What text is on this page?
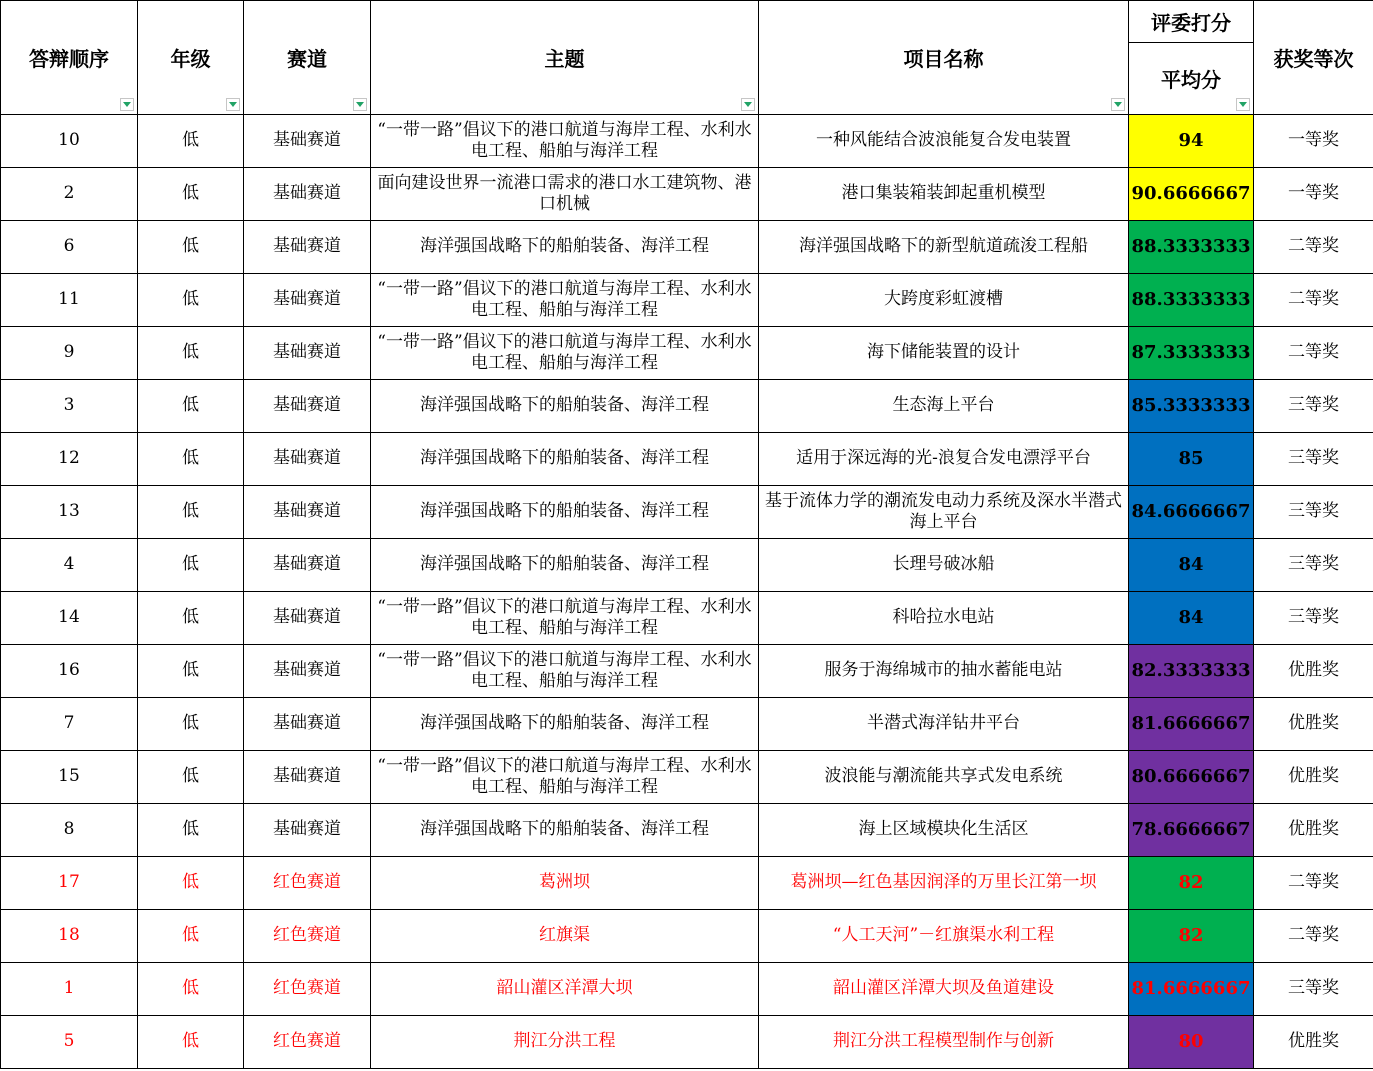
答辩顺序	年级	赛道	主题	项目名称	评委打分	获奖等次
					平均分	

10	低	基础赛道	“一带一路”倡议下的港口航道与海岸工程、水利水电工程、船舶与海洋工程	一种风能结合波浪能复合发电装置	94	一等奖
2	低	基础赛道	面向建设世界一流港口需求的港口水工建筑物、港口机械	港口集装箱装卸起重机模型	90.6666667	一等奖
6	低	基础赛道	海洋强国战略下的船舶装备、海洋工程	海洋强国战略下的新型航道疏浚工程船	88.3333333	二等奖
11	低	基础赛道	“一带一路”倡议下的港口航道与海岸工程、水利水电工程、船舶与海洋工程	大跨度彩虹渡槽	88.3333333	二等奖
9	低	基础赛道	“一带一路”倡议下的港口航道与海岸工程、水利水电工程、船舶与海洋工程	海下储能装置的设计	87.3333333	二等奖
3	低	基础赛道	海洋强国战略下的船舶装备、海洋工程	生态海上平台	85.3333333	三等奖
12	低	基础赛道	海洋强国战略下的船舶装备、海洋工程	适用于深远海的光-浪复合发电漂浮平台	85	三等奖
13	低	基础赛道	海洋强国战略下的船舶装备、海洋工程	基于流体力学的潮流发电动力系统及深水半潜式海上平台	84.6666667	三等奖
4	低	基础赛道	海洋强国战略下的船舶装备、海洋工程	长理号破冰船	84	三等奖
14	低	基础赛道	“一带一路”倡议下的港口航道与海岸工程、水利水电工程、船舶与海洋工程	科哈拉水电站	84	三等奖
16	低	基础赛道	“一带一路”倡议下的港口航道与海岸工程、水利水电工程、船舶与海洋工程	服务于海绵城市的抽水蓄能电站	82.3333333	优胜奖
7	低	基础赛道	海洋强国战略下的船舶装备、海洋工程	半潜式海洋钻井平台	81.6666667	优胜奖
15	低	基础赛道	“一带一路”倡议下的港口航道与海岸工程、水利水电工程、船舶与海洋工程	波浪能与潮流能共享式发电系统	80.6666667	优胜奖
8	低	基础赛道	海洋强国战略下的船舶装备、海洋工程	海上区域模块化生活区	78.6666667	优胜奖
17	低	红色赛道	葛洲坝	葛洲坝—红色基因润泽的万里长江第一坝	82	二等奖
18	低	红色赛道	红旗渠	“人工天河”－红旗渠水利工程	82	二等奖
1	低	红色赛道	韶山灌区洋潭大坝	韶山灌区洋潭大坝及鱼道建设	81.6666667	三等奖
5	低	红色赛道	荆江分洪工程	荆江分洪工程模型制作与创新	80	优胜奖
